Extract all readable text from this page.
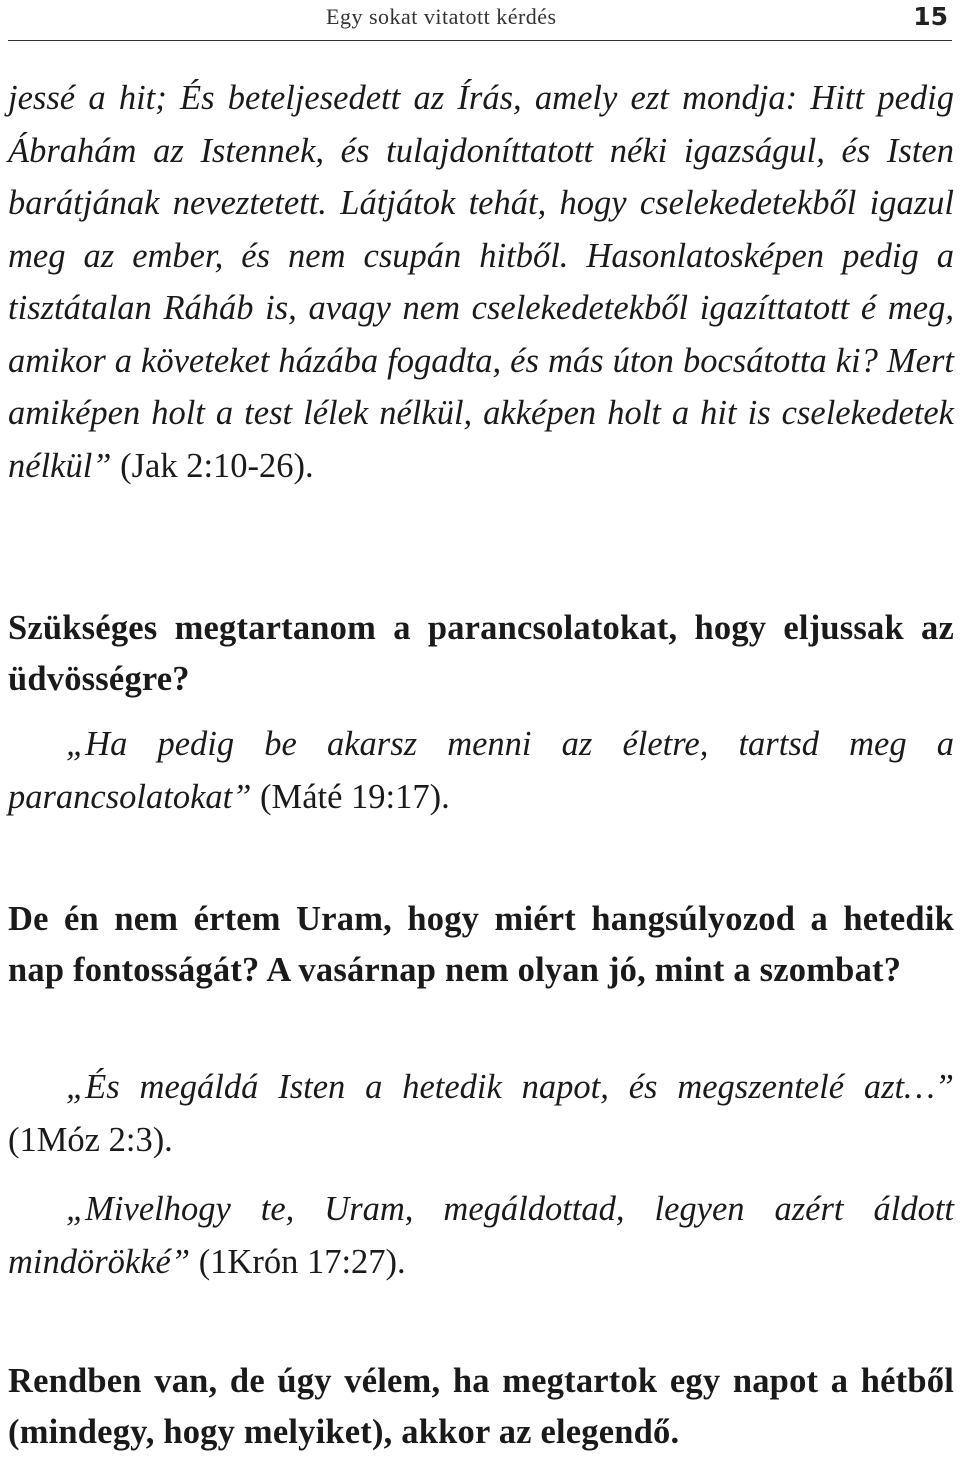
Egy sokat vitatott kérdés	15

jessé a hit; És beteljesedett az Írás, amely ezt mondja: Hitt pedig Ábrahám az Istennek, és tulajdoníttatott néki igazságul, és Isten barátjának neveztetett. Látjátok tehát, hogy cselekedetekből igazul meg az ember, és nem csupán hitből. Hasonlatosképen pedig a tisztátalan Ráháb is, avagy nem cselekedetekből igazíttatott é meg, amikor a követeket házába fogadta, és más úton bocsátotta ki? Mert amiképen holt a test lélek nélkül, akképen holt a hit is cselekedetek nélkül” (Jak 2:10-26).

Szükséges megtartanom a parancsolatokat, hogy eljussak az üdvösségre?

„Ha pedig be akarsz menni az életre, tartsd meg a parancsolatokat” (Máté 19:17).

De én nem értem Uram, hogy miért hangsúlyozod a hetedik nap fontosságát? A vasárnap nem olyan jó, mint a szombat?

„És megáldá Isten a hetedik napot, és megszentelé azt…” (1Móz 2:3).

„Mivelhogy te, Uram, megáldottad, legyen azért áldott mindörökké” (1Krón 17:27).

Rendben van, de úgy vélem, ha megtartok egy napot a hétből (mindegy, hogy melyiket), akkor az elegendő.
